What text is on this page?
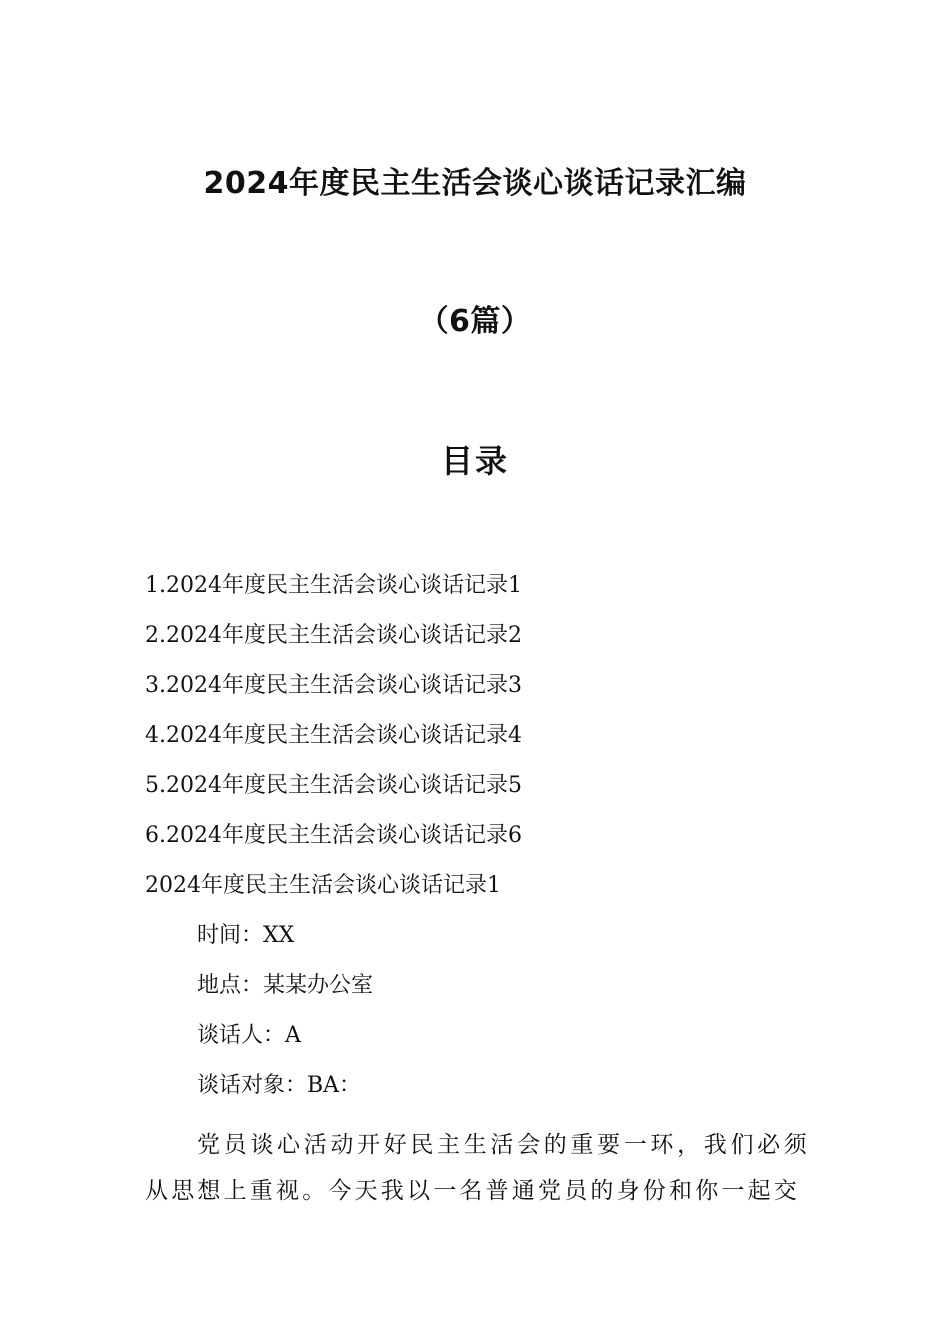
2024年度民主生活会谈心谈话记录汇编
（6篇）
目录
1.2024年度民主生活会谈心谈话记录1
2.2024年度民主生活会谈心谈话记录2
3.2024年度民主生活会谈心谈话记录3
4.2024年度民主生活会谈心谈话记录4
5.2024年度民主生活会谈心谈话记录5
6.2024年度民主生活会谈心谈话记录6
2024年度民主生活会谈心谈话记录1
时间：XX
地点：某某办公室
谈话人：A
谈话对象：BA：
党员谈心活动开好民主生活会的重要一环，我们必须从思想上重视。今天我以一名普通党员的身份和你一起交
